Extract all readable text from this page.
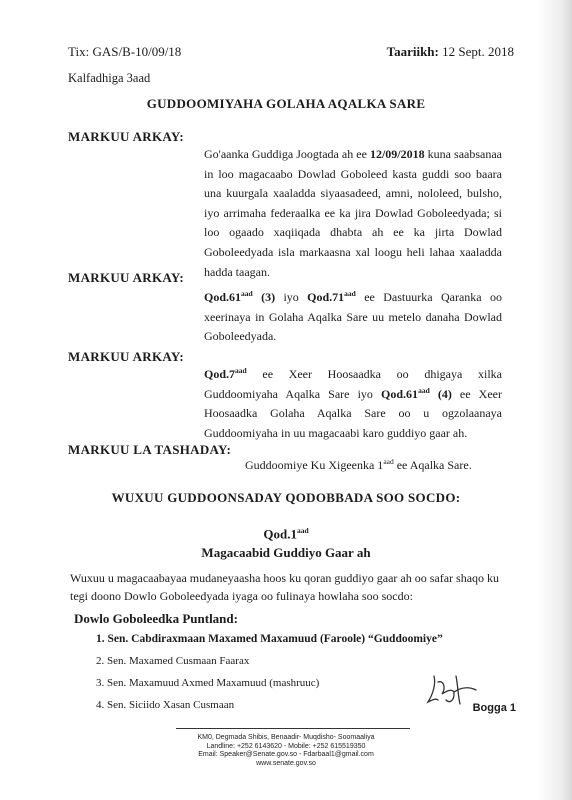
Tix: GAS/B-10/09/18	Taariikh: 12 Sept. 2018
Kalfadhiga 3aad
GUDDOOMIYAHA GOLAHA AQALKA SARE
MARKUU ARKAY:
Go'aanka Guddiga Joogtada ah ee 12/09/2018 kuna saabsanaa in loo magacaabo Dowlad Goboleed kasta guddi soo baara una kuurgala xaaladda siyaasadeed, amni, nololeed, bulsho, iyo arrimaha federaalka ee ka jira Dowlad Goboleedyada; si loo ogaado xaqiiqada dhabta ah ee ka jirta Dowlad Goboleedyada isla markaasna xal loogu heli lahaa xaaladda hadda taagan.
MARKUU ARKAY:
Qod.61$^{aad}$ (3) iyo Qod.71$^{aad}$ ee Dastuurka Qaranka oo xeerinaya in Golaha Aqalka Sare uu metelo danaha Dowlad Goboleedyada.
MARKUU ARKAY:
Qod.7$^{aad}$ ee Xeer Hoosaadka oo dhigaya xilka Guddoomiyaha Aqalka Sare iyo Qod.61$^{aad}$ (4) ee Xeer Hoosaadka Golaha Aqalka Sare oo u ogzolaanaya Guddoomiyaha in uu magacaabi karo guddiyo gaar ah.
MARKUU LA TASHADAY:
Guddoomiye Ku Xigeenka $1^{aad}$ ee Aqalka Sare.
WUXUU GUDDOONSADAY QODOBBADA SOO SOCDO:
Qod.1$^{aad}$
Magacaabid Guddiyo Gaar ah
Wuxuu u magacaabayaa mudaneyaasha hoos ku qoran guddiyo gaar ah oo safar shaqo ku tegi doono Dowlo Goboleedyada iyaga oo fulinaya howlaha soo socdo:
Dowlo Goboleedka Puntland:
1. Sen. Cabdiraxmaan Maxamed Maxamuud (Faroole) “Guddoomiye”
2. Sen. Maxamed Cusmaan Faarax
3. Sen. Maxamuud Axmed Maxamuud (mashruuc)
4. Sen. Siciido Xasan Cusmaan	Bogga 1
KM0, Degmada Shibis, Benaadir- Muqdisho- Soomaaliya
Landline: +252 6143620 - Mobile: +252 615519350
Email: Speaker@Senate.gov.so - Fdarbaal1@gmail.com
www.senate.gov.so
